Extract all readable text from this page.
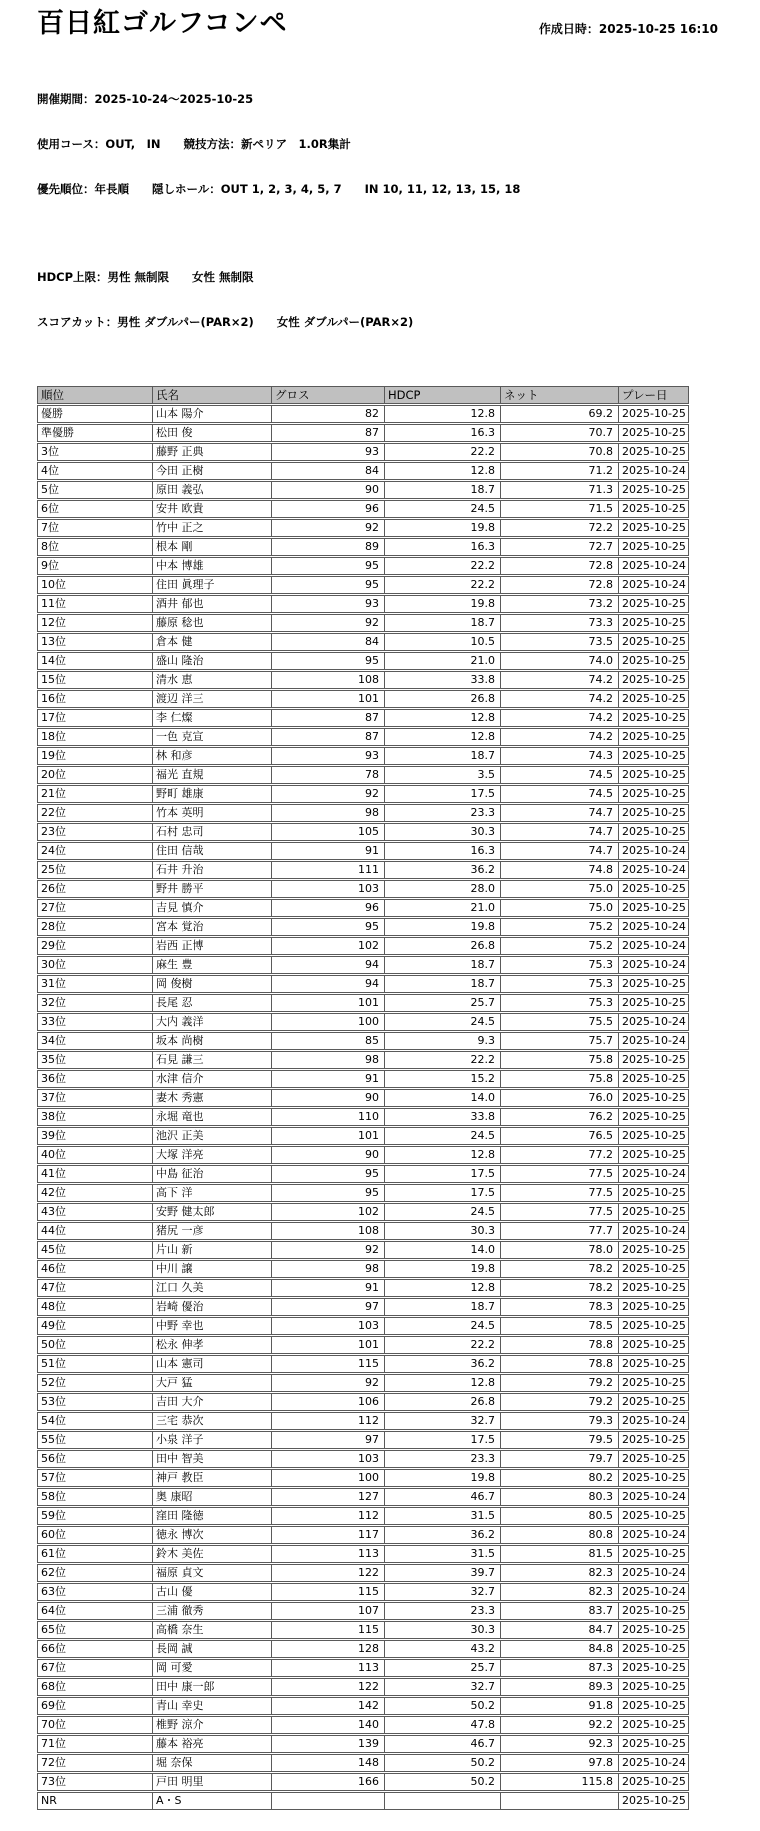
百日紅ゴルフコンペ	作成日時：2025-10-25 16:10

開催期間：2025-10-24～2025-10-25

使用コース：OUT,　IN　　競技方法：新ペリア　1.0R集計

優先順位：年長順　　隠しホール：OUT 1, 2, 3, 4, 5, 7　　IN 10, 11, 12, 13, 15, 18

HDCP上限：男性 無制限　　女性 無制限

スコアカット：男性 ダブルパー(PAR×2)　　女性 ダブルパー(PAR×2)

順位	氏名	グロス	HDCP	ネット	プレー日
優勝	山本 陽介	82	12.8	69.2	2025-10-25
準優勝	松田 俊	87	16.3	70.7	2025-10-25
3位	藤野 正典	93	22.2	70.8	2025-10-25
4位	今田 正樹	84	12.8	71.2	2025-10-24
5位	原田 義弘	90	18.7	71.3	2025-10-25
6位	安井 欧貴	96	24.5	71.5	2025-10-25
7位	竹中 正之	92	19.8	72.2	2025-10-25
8位	根本 剛	89	16.3	72.7	2025-10-25
9位	中本 博雄	95	22.2	72.8	2025-10-24
10位	住田 眞理子	95	22.2	72.8	2025-10-24
11位	酒井 郁也	93	19.8	73.2	2025-10-25
12位	藤原 稔也	92	18.7	73.3	2025-10-25
13位	倉本 健	84	10.5	73.5	2025-10-25
14位	盛山 隆治	95	21.0	74.0	2025-10-25
15位	清水 恵	108	33.8	74.2	2025-10-25
16位	渡辺 洋三	101	26.8	74.2	2025-10-25
17位	李 仁燦	87	12.8	74.2	2025-10-25
18位	一色 克宣	87	12.8	74.2	2025-10-25
19位	林 和彦	93	18.7	74.3	2025-10-25
20位	福光 直規	78	3.5	74.5	2025-10-25
21位	野町 雄康	92	17.5	74.5	2025-10-25
22位	竹本 英明	98	23.3	74.7	2025-10-25
23位	石村 忠司	105	30.3	74.7	2025-10-25
24位	住田 信哉	91	16.3	74.7	2025-10-24
25位	石井 升治	111	36.2	74.8	2025-10-24
26位	野井 勝平	103	28.0	75.0	2025-10-25
27位	吉見 慎介	96	21.0	75.0	2025-10-25
28位	宮本 覚治	95	19.8	75.2	2025-10-24
29位	岩西 正博	102	26.8	75.2	2025-10-24
30位	麻生 豊	94	18.7	75.3	2025-10-24
31位	岡 俊樹	94	18.7	75.3	2025-10-25
32位	長尾 忍	101	25.7	75.3	2025-10-25
33位	大内 義洋	100	24.5	75.5	2025-10-24
34位	坂本 尚樹	85	9.3	75.7	2025-10-24
35位	石見 謙三	98	22.2	75.8	2025-10-25
36位	水津 信介	91	15.2	75.8	2025-10-25
37位	妻木 秀憲	90	14.0	76.0	2025-10-25
38位	永堀 竜也	110	33.8	76.2	2025-10-25
39位	池沢 正美	101	24.5	76.5	2025-10-25
40位	大塚 洋亮	90	12.8	77.2	2025-10-25
41位	中島 征治	95	17.5	77.5	2025-10-24
42位	高下 洋	95	17.5	77.5	2025-10-25
43位	安野 健太郎	102	24.5	77.5	2025-10-25
44位	猪尻 一彦	108	30.3	77.7	2025-10-24
45位	片山 新	92	14.0	78.0	2025-10-25
46位	中川 譲	98	19.8	78.2	2025-10-25
47位	江口 久美	91	12.8	78.2	2025-10-25
48位	岩崎 優治	97	18.7	78.3	2025-10-25
49位	中野 幸也	103	24.5	78.5	2025-10-25
50位	松永 伸孝	101	22.2	78.8	2025-10-25
51位	山本 憲司	115	36.2	78.8	2025-10-25
52位	大戸 猛	92	12.8	79.2	2025-10-25
53位	吉田 大介	106	26.8	79.2	2025-10-25
54位	三宅 恭次	112	32.7	79.3	2025-10-24
55位	小泉 洋子	97	17.5	79.5	2025-10-25
56位	田中 智美	103	23.3	79.7	2025-10-25
57位	神戸 教臣	100	19.8	80.2	2025-10-25
58位	奥 康昭	127	46.7	80.3	2025-10-24
59位	窪田 隆徳	112	31.5	80.5	2025-10-25
60位	徳永 博次	117	36.2	80.8	2025-10-24
61位	鈴木 美佐	113	31.5	81.5	2025-10-25
62位	福原 貞文	122	39.7	82.3	2025-10-24
63位	古山 優	115	32.7	82.3	2025-10-24
64位	三浦 徹秀	107	23.3	83.7	2025-10-25
65位	高橋 奈生	115	30.3	84.7	2025-10-25
66位	長岡 誠	128	43.2	84.8	2025-10-25
67位	岡 可愛	113	25.7	87.3	2025-10-25
68位	田中 康一郎	122	32.7	89.3	2025-10-25
69位	青山 幸史	142	50.2	91.8	2025-10-25
70位	椎野 涼介	140	47.8	92.2	2025-10-25
71位	藤本 裕亮	139	46.7	92.3	2025-10-25
72位	堀 奈保	148	50.2	97.8	2025-10-24
73位	戸田 明里	166	50.2	115.8	2025-10-25
NR	A・S				2025-10-25
